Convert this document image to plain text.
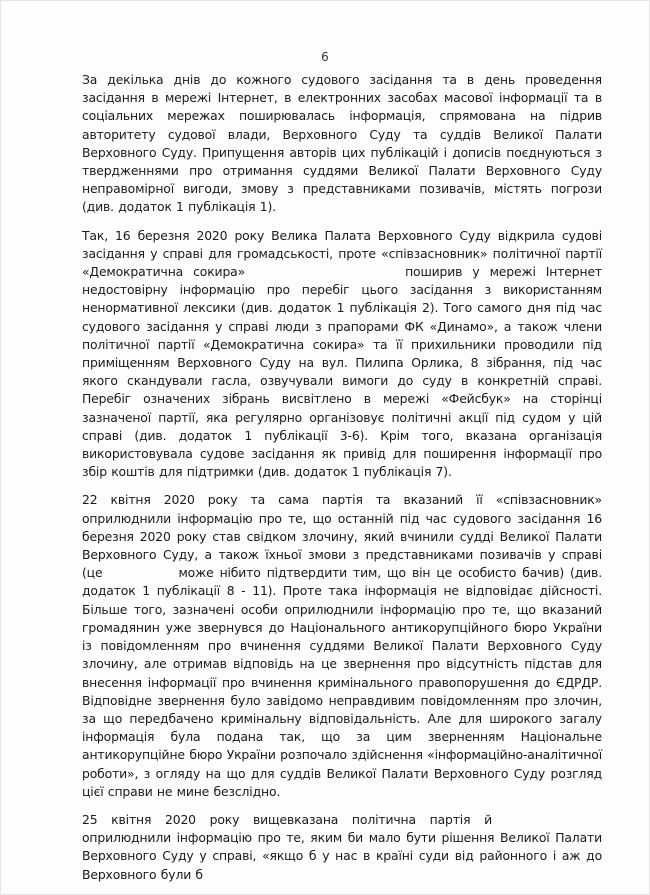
6

За декілька днів до кожного судового засідання та в день проведення засідання в мережі Інтернет, в електронних засобах масової інформації та в соціальних мережах поширювалась інформація, спрямована на підрив авторитету судової влади, Верховного Суду та суддів Великої Палати Верховного Суду. Припущення авторів цих публікацій і дописів поєднуються з твердженнями про отримання суддями Великої Палати Верховного Суду неправомірної вигоди, змову з представниками позивачів, містять погрози (див. додаток 1 публікація 1).

Так, 16 березня 2020 року Велика Палата Верховного Суду відкрила судові засідання у справі для громадськості, проте «співзасновник» політичної партії «Демократична сокира»	поширив у мережі Інтернет недостовірну інформацію про перебіг цього засідання з використанням ненормативної лексики (див. додаток 1 публікація 2). Того самого дня під час судового засідання у справі люди з прапорами ФК «Динамо», а також члени політичної партії «Демократична сокира» та її прихильники проводили під приміщенням Верховного Суду на вул. Пилипа Орлика, 8 зібрання, під час якого скандували гасла, озвучували вимоги до суду в конкретній справі. Перебіг означених зібрань висвітлено в мережі «Фейсбук» на сторінці зазначеної партії, яка регулярно організовує політичні акції під судом у цій справі (див. додаток 1 публікації 3-6). Крім того, вказана організація використовувала судове засідання як привід для поширення інформації про збір коштів для підтримки (див. додаток 1 публікація 7).

22 квітня 2020 року та сама партія та вказаний її «співзасновник» оприлюднили інформацію про те, що останній під час судового засідання 16 березня 2020 року став свідком злочину, який вчинили судді Великої Палати Верховного Суду, а також їхньої змови з представниками позивачів у справі (це	може нібито підтвердити тим, що він це особисто бачив) (див. додаток 1 публікації 8 - 11). Проте така інформація не відповідає дійсності. Більше того, зазначені особи оприлюднили інформацію про те, що вказаний громадянин уже звернувся до Національного антикорупційного бюро України із повідомленням про вчинення суддями Великої Палати Верховного Суду злочину, але отримав відповідь на це звернення про відсутність підстав для внесення інформації про вчинення кримінального правопорушення до ЄДРДР. Відповідне звернення було завідомо неправдивим повідомленням про злочин, за що передбачено кримінальну відповідальність. Але для широкого загалу інформація була подана так, що за цим зверненням Національне антикорупційне бюро України розпочало здійснення «інформаційно-аналітичної роботи», з огляду на що для суддів Великої Палати Верховного Суду розгляд цієї справи не мине безслідно.

25 квітня 2020 року вищевказана політична партія й оприлюднили інформацію про те, яким би мало бути рішення Великої Палати Верховного Суду у справі, «якщо б у нас в країні суди від районного і аж до Верховного були б
